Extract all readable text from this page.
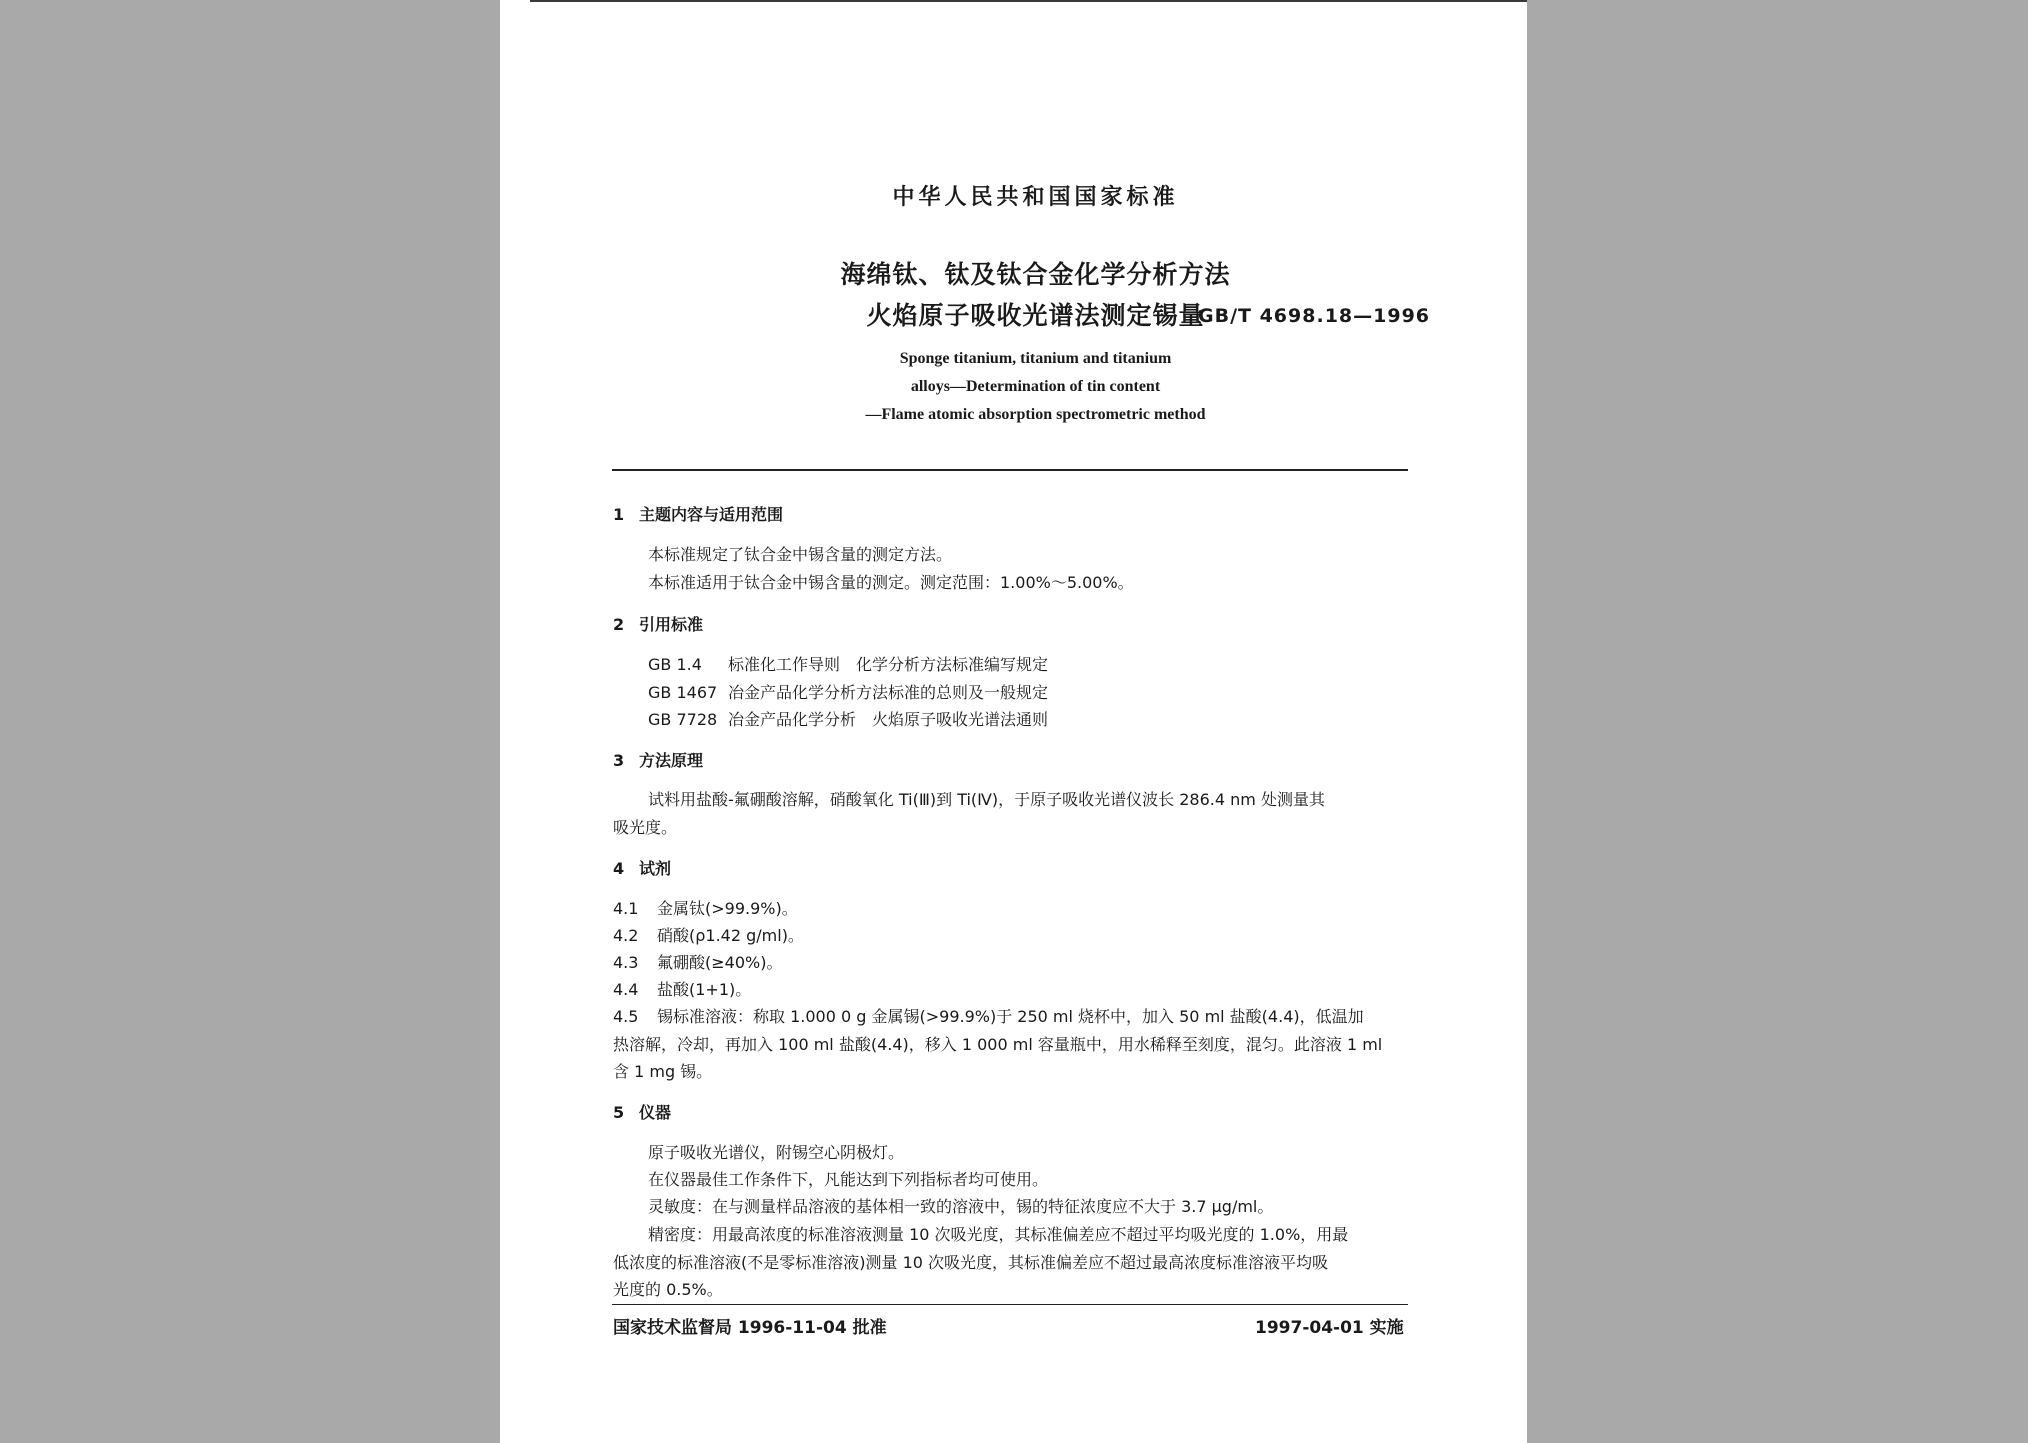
中华人民共和国国家标准
海绵钛、钛及钛合金化学分析方法
火焰原子吸收光谱法测定锡量
GB/T 4698.18—1996
Sponge titanium, titanium and titanium
alloys—Determination of tin content
—Flame atomic absorption spectrometric method
1 主题内容与适用范围
本标准规定了钛合金中锡含量的测定方法。
本标准适用于钛合金中锡含量的测定。测定范围：1.00%～5.00%。
2 引用标准
GB 1.4 标准化工作导则　化学分析方法标准编写规定
GB 1467 冶金产品化学分析方法标准的总则及一般规定
GB 7728 冶金产品化学分析　火焰原子吸收光谱法通则
3 方法原理
试料用盐酸-氟硼酸溶解，硝酸氧化 Ti(Ⅲ)到 Ti(Ⅳ)，于原子吸收光谱仪波长 286.4 nm 处测量其
吸光度。
4 试剂
4.1 金属钛(>99.9%)。
4.2 硝酸(ρ1.42 g/ml)。
4.3 氟硼酸(≥40%)。
4.4 盐酸(1+1)。
4.5 锡标准溶液：称取 1.000 0 g 金属锡(>99.9%)于 250 ml 烧杯中，加入 50 ml 盐酸(4.4)，低温加
热溶解，冷却，再加入 100 ml 盐酸(4.4)，移入 1 000 ml 容量瓶中，用水稀释至刻度，混匀。此溶液 1 ml
含 1 mg 锡。
5 仪器
原子吸收光谱仪，附锡空心阴极灯。
在仪器最佳工作条件下，凡能达到下列指标者均可使用。
灵敏度：在与测量样品溶液的基体相一致的溶液中，锡的特征浓度应不大于 3.7 μg/ml。
精密度：用最高浓度的标准溶液测量 10 次吸光度，其标准偏差应不超过平均吸光度的 1.0%，用最
低浓度的标准溶液(不是零标准溶液)测量 10 次吸光度，其标准偏差应不超过最高浓度标准溶液平均吸
光度的 0.5%。
国家技术监督局 1996-11-04 批准	1997-04-01 实施
